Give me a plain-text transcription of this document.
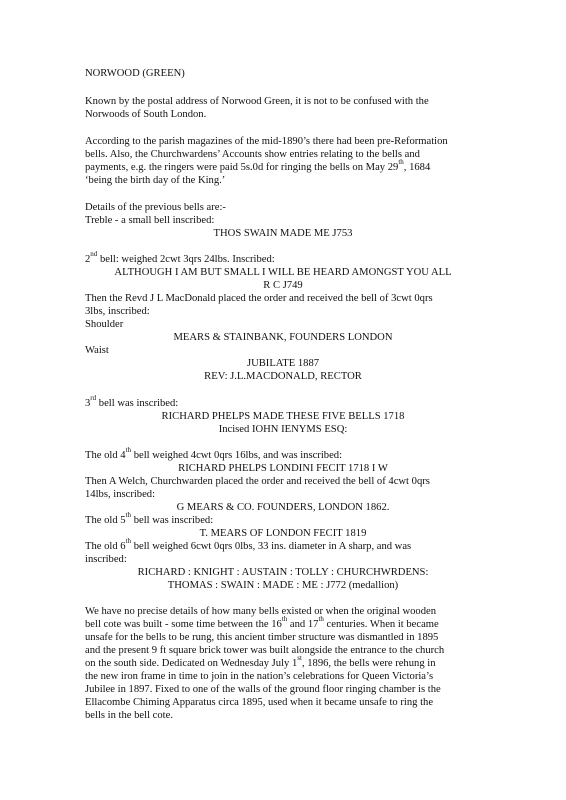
NORWOOD (GREEN)
Known by the postal address of Norwood Green, it is not to be confused with the
Norwoods of South London.
According to the parish magazines of the mid-1890’s there had been pre-Reformation
bells. Also, the Churchwardens’ Accounts show entries relating to the bells and
payments, e.g. the ringers were paid 5s.0d for ringing the bells on May 29th, 1684
‘being the birth day of the King.’
Details of the previous bells are:-
Treble - a small bell inscribed:
THOS SWAIN MADE ME J753
2nd bell: weighed 2cwt 3qrs 24lbs. Inscribed:
ALTHOUGH I AM BUT SMALL I WILL BE HEARD AMONGST YOU ALL
R C J749
Then the Revd J L MacDonald placed the order and received the bell of 3cwt 0qrs
3lbs, inscribed:
Shoulder
MEARS & STAINBANK, FOUNDERS LONDON
Waist
JUBILATE 1887
REV: J.L.MACDONALD, RECTOR
3rd bell was inscribed:
RICHARD PHELPS MADE THESE FIVE BELLS 1718
Incised IOHN IENYMS ESQ:
The old 4th bell weighed 4cwt 0qrs 16lbs, and was inscribed:
RICHARD PHELPS LONDINI FECIT 1718 I W
Then A Welch, Churchwarden placed the order and received the bell of 4cwt 0qrs
14lbs, inscribed:
G MEARS & CO. FOUNDERS, LONDON 1862.
The old 5th bell was inscribed:
T. MEARS OF LONDON FECIT 1819
The old 6th bell weighed 6cwt 0qrs 0lbs, 33 ins. diameter in A sharp, and was
inscribed:
RICHARD : KNIGHT : AUSTAIN : TOLLY : CHURCHWRDENS:
THOMAS : SWAIN : MADE : ME : J772 (medallion)
We have no precise details of how many bells existed or when the original wooden
bell cote was built - some time between the 16th and 17th centuries. When it became
unsafe for the bells to be rung, this ancient timber structure was dismantled in 1895
and the present 9 ft square brick tower was built alongside the entrance to the church
on the south side. Dedicated on Wednesday July 1st, 1896, the bells were rehung in
the new iron frame in time to join in the nation’s celebrations for Queen Victoria’s
Jubilee in 1897. Fixed to one of the walls of the ground floor ringing chamber is the
Ellacombe Chiming Apparatus circa 1895, used when it became unsafe to ring the
bells in the bell cote.
